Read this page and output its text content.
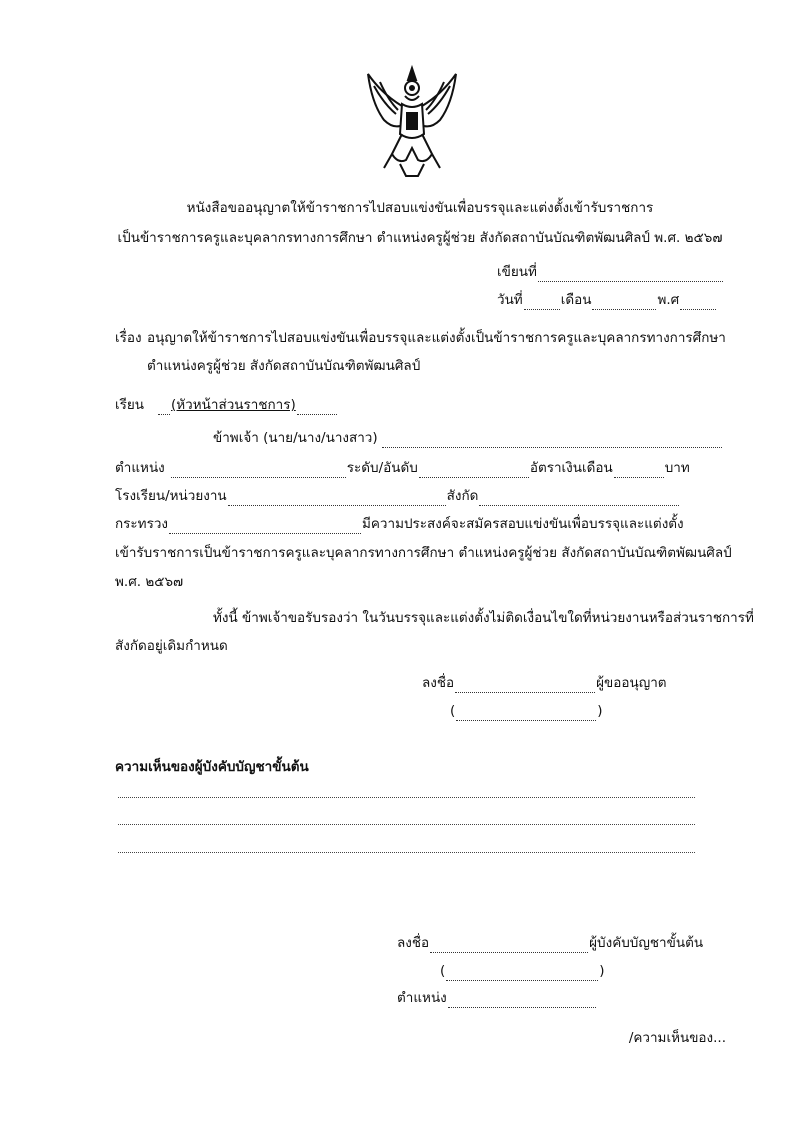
หนังสือขออนุญาตให้ข้าราชการไปสอบแข่งขันเพื่อบรรจุและแต่งตั้งเข้ารับราชการ
เป็นข้าราชการครูและบุคลากรทางการศึกษา ตำแหน่งครูผู้ช่วย สังกัดสถาบันบัณฑิตพัฒนศิลป์ พ.ศ. ๒๕๖๗
เขียนที่
วันที่	เดือน	พ.ศ
เรื่อง อนุญาตให้ข้าราชการไปสอบแข่งขันเพื่อบรรจุและแต่งตั้งเป็นข้าราชการครูและบุคลากรทางการศึกษา
ตำแหน่งครูผู้ช่วย สังกัดสถาบันบัณฑิตพัฒนศิลป์
เรียน	(หัวหน้าส่วนราชการ)
ข้าพเจ้า (นาย/นาง/นางสาว)
ตำแหน่ง	ระดับ/อันดับ	อัตราเงินเดือน	บาท
โรงเรียน/หน่วยงาน	สังกัด
กระทรวง	มีความประสงค์จะสมัครสอบแข่งขันเพื่อบรรจุและแต่งตั้ง
เข้ารับราชการเป็นข้าราชการครูและบุคลากรทางการศึกษา ตำแหน่งครูผู้ช่วย สังกัดสถาบันบัณฑิตพัฒนศิลป์
พ.ศ. ๒๕๖๗
ทั้งนี้ ข้าพเจ้าขอรับรองว่า ในวันบรรจุและแต่งตั้งไม่ติดเงื่อนไขใดที่หน่วยงานหรือส่วนราชการที่
สังกัดอยู่เดิมกำหนด
ลงชื่อ	ผู้ขออนุญาต
(	)
ความเห็นของผู้บังคับบัญชาขั้นต้น
ลงชื่อ	ผู้บังคับบัญชาขั้นต้น
(	)
ตำแหน่ง
/ความเห็นของ...
